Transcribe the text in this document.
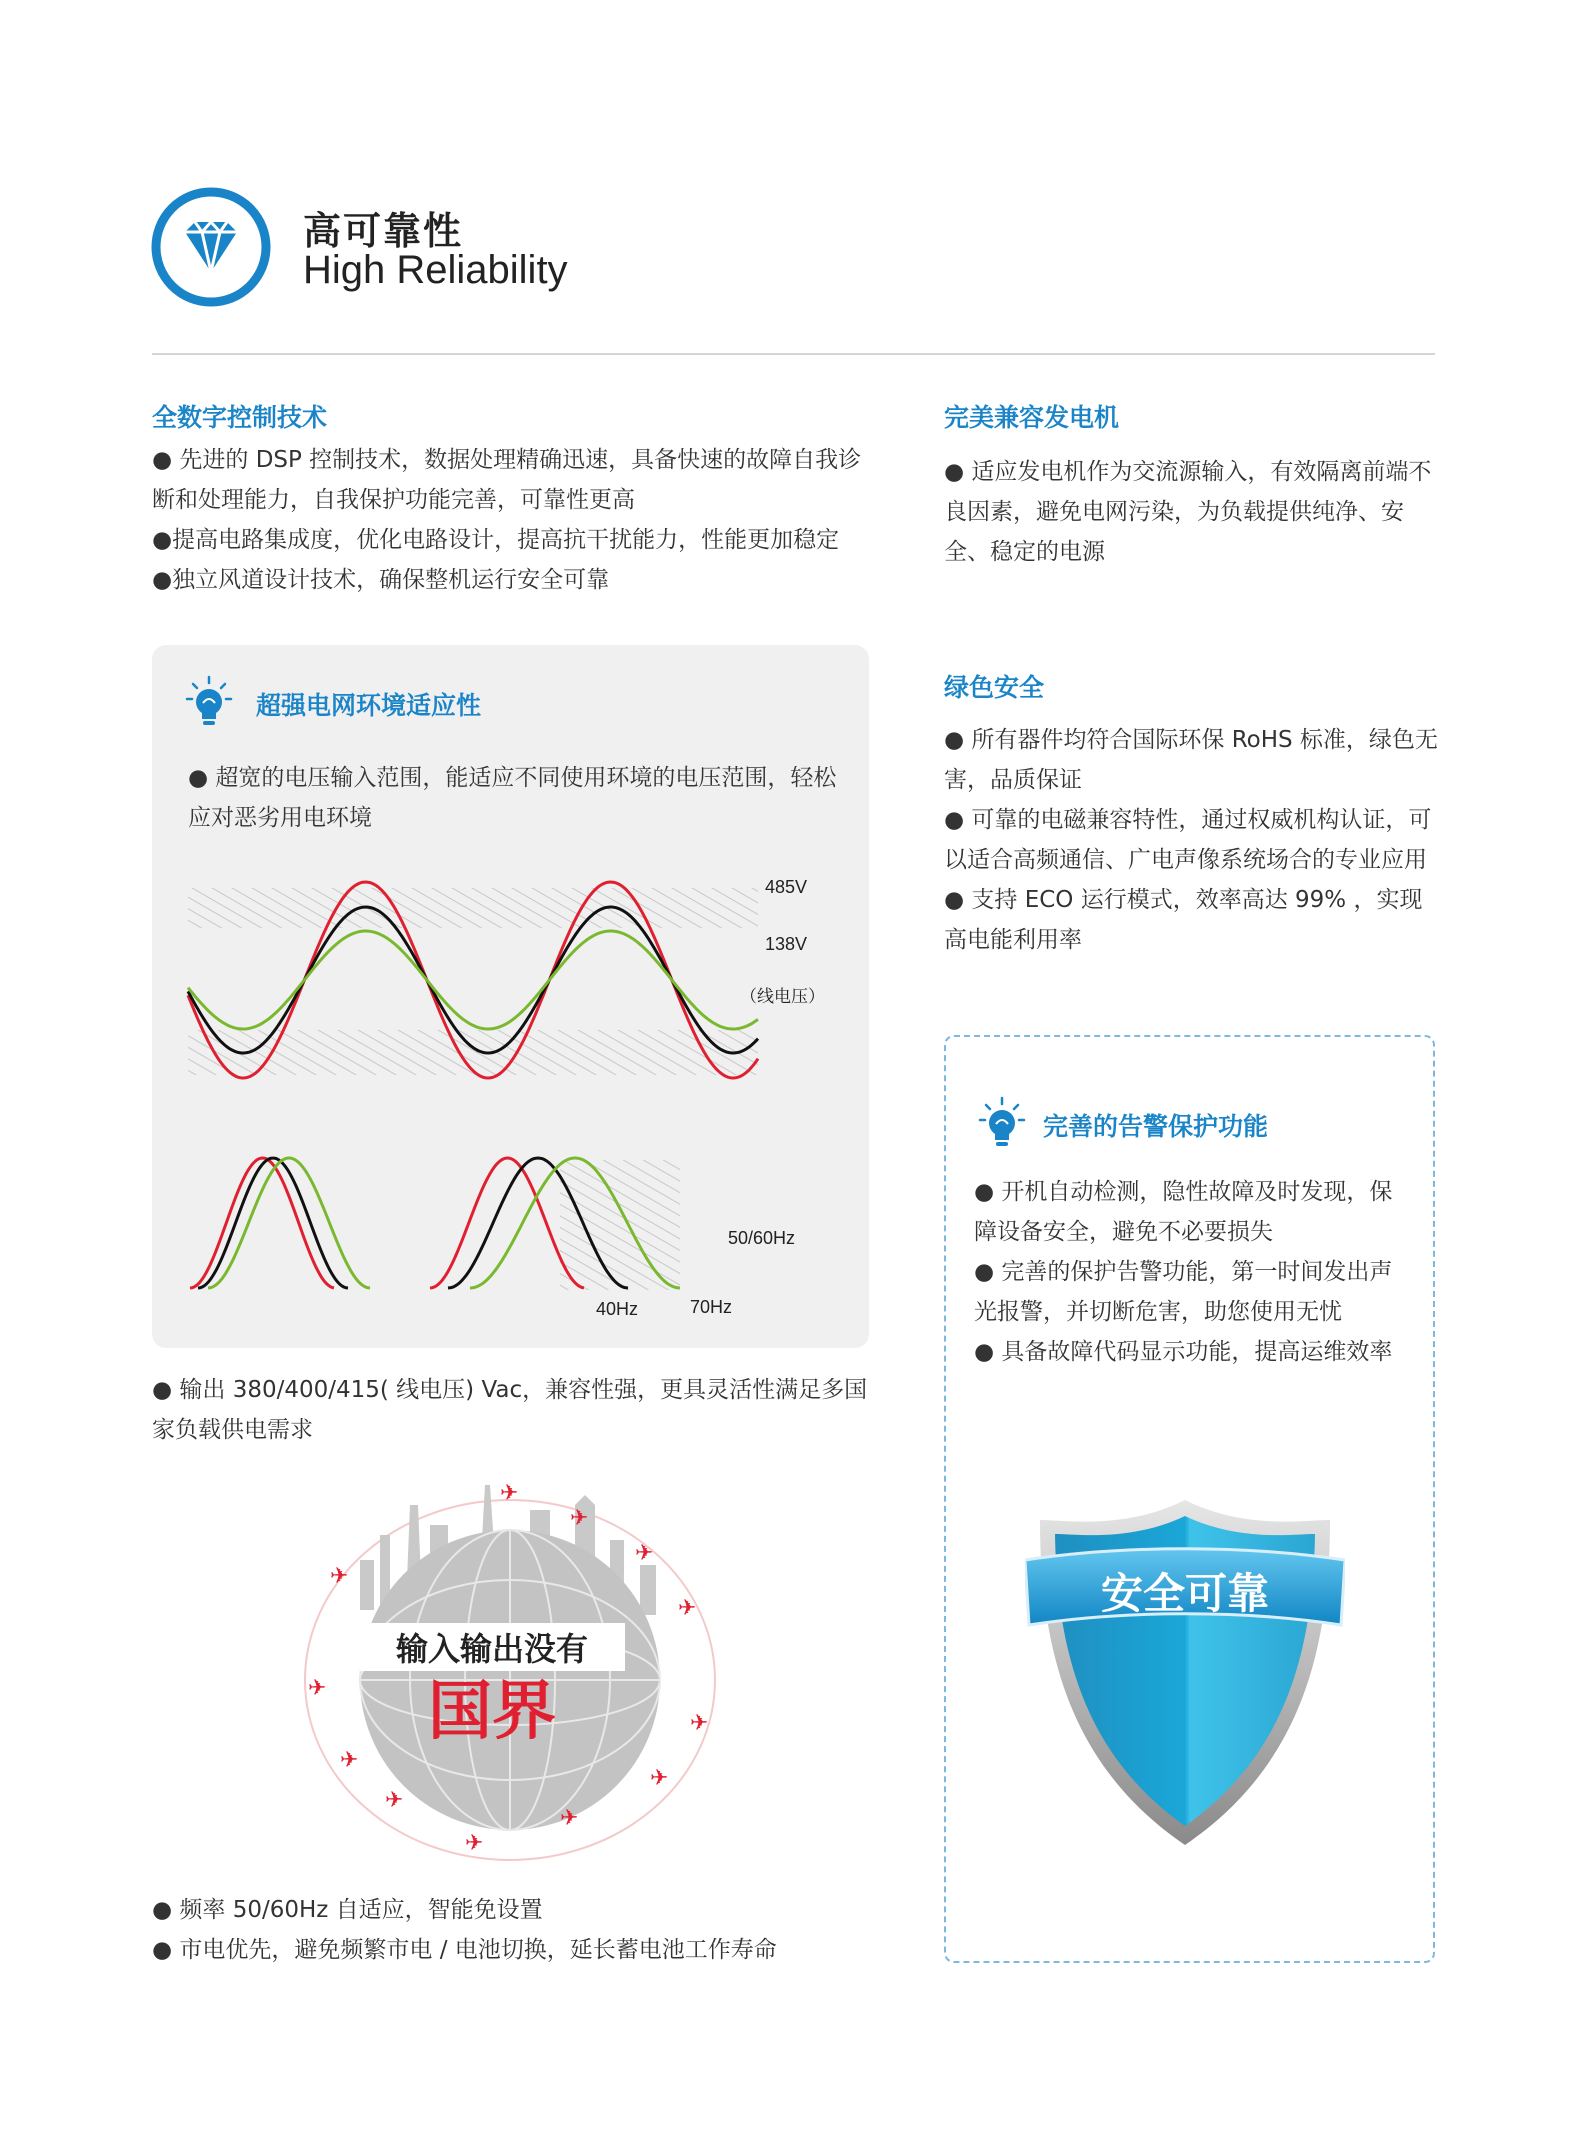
高可靠性
High Reliability
全数字控制技术

● 先进的 DSP 控制技术，数据处理精确迅速，具备快速的故障自我诊断和处理能力，自我保护功能完善，可靠性更高

●提高电路集成度，优化电路设计，提高抗干扰能力，性能更加稳定

●独立风道设计技术，确保整机运行安全可靠

完美兼容发电机

● 适应发电机作为交流源输入，有效隔离前端不良因素，避免电网污染，为负载提供纯净、安全、稳定的电源

超强电网环境适应性

● 超宽的电压输入范围，能适应不同使用环境的电压范围，轻松应对恶劣用电环境

485V
138V
（线电压）
50/60Hz
40Hz	70Hz

● 输出 380/400/415( 线电压) Vac，兼容性强，更具灵活性满足多国家负载供电需求

✈
✈
✈
✈
✈
✈
✈
✈
✈
✈
✈
✈
输入输出没有
国界

● 频率 50/60Hz 自适应，智能免设置

● 市电优先，避免频繁市电 / 电池切换，延长蓄电池工作寿命

绿色安全

● 所有器件均符合国际环保 RoHS 标准，绿色无害，品质保证

● 可靠的电磁兼容特性，通过权威机构认证，可以适合高频通信、广电声像系统场合的专业应用

● 支持 ECO 运行模式，效率高达 99% ，实现高电能利用率

完善的告警保护功能

● 开机自动检测，隐性故障及时发现，保障设备安全，避免不必要损失

● 完善的保护告警功能，第一时间发出声光报警，并切断危害，助您使用无忧

● 具备故障代码显示功能，提高运维效率

安全可靠
